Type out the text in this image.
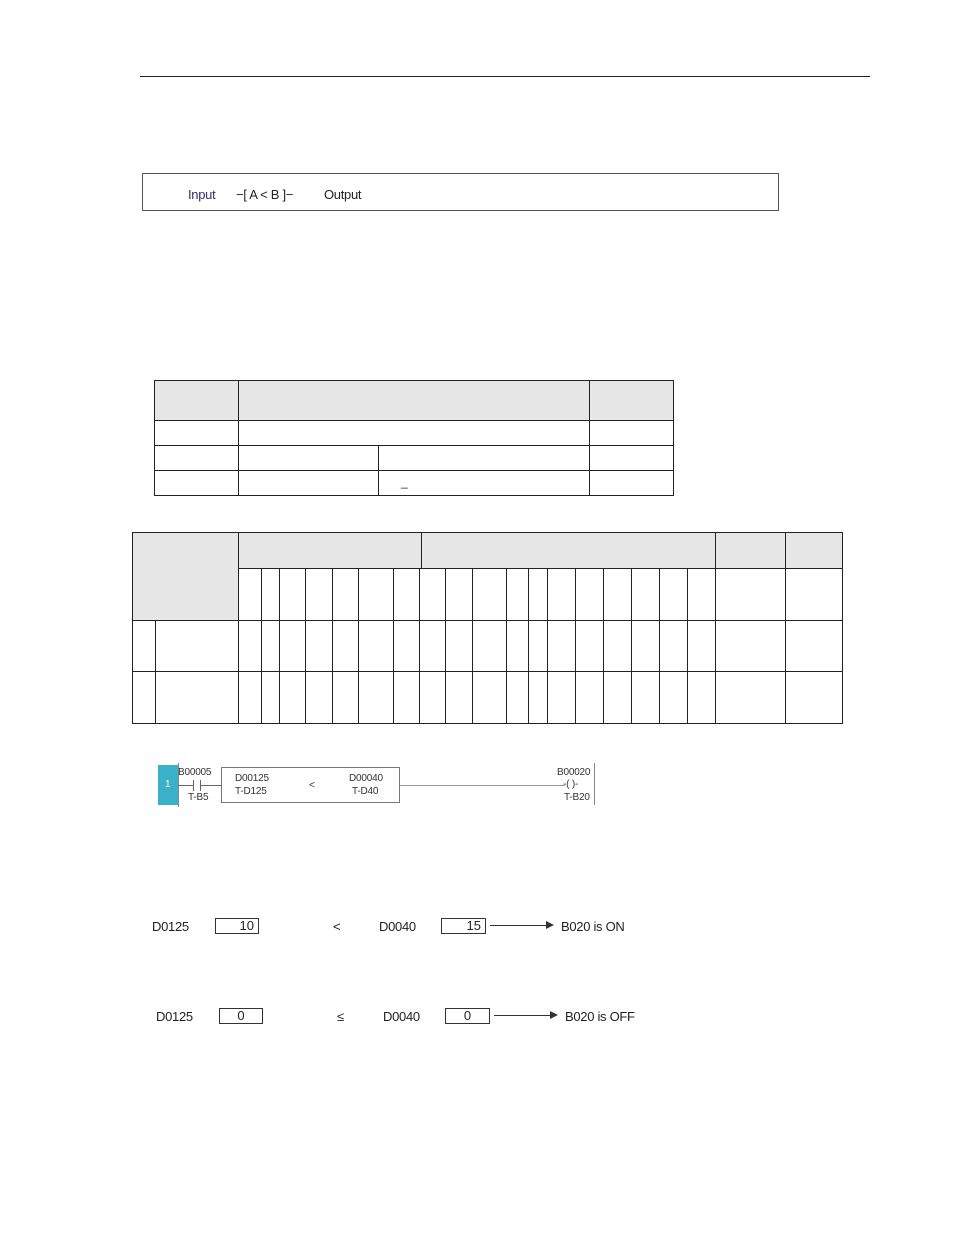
Input −[ A < B ]− Output
_
1
B00005
T-B5
D00125
T-D125
<
D00040
T-D40
B00020
-( )-
T-B20
D0125	10	<	D0040	15	B020 is ON
D0125	0	≤	D0040	0	B020 is OFF
